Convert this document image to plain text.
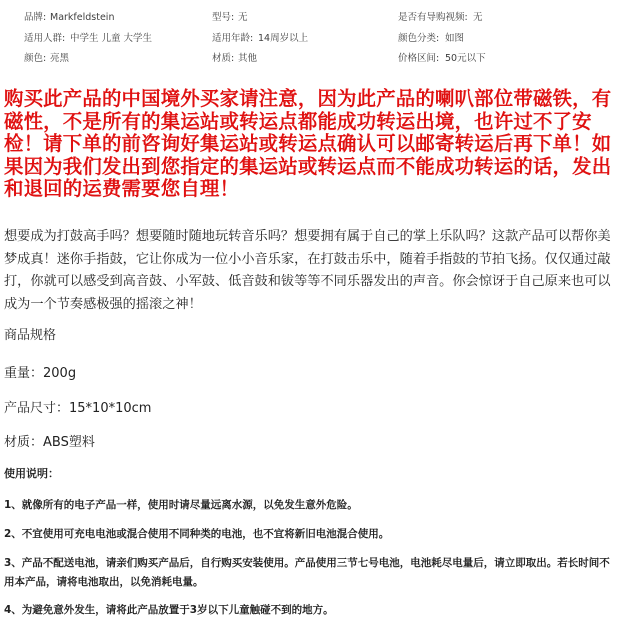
品牌: Markfeldstein	型号: 无	是否有导购视频: 无
适用人群: 中学生 儿童 大学生	适用年龄: 14周岁以上	颜色分类: 如图
颜色: 亮黑	材质: 其他	价格区间: 50元以下

购买此产品的中国境外买家请注意，因为此产品的喇叭部位带磁铁，有磁性，不是所有的集运站或转运点都能成功转运出境，也许过不了安检！请下单的前咨询好集运站或转运点确认可以邮寄转运后再下单！如果因为我们发出到您指定的集运站或转运点而不能成功转运的话，发出和退回的运费需要您自理！

想要成为打鼓高手吗？想要随时随地玩转音乐吗？想要拥有属于自己的掌上乐队吗？这款产品可以帮你美梦成真！迷你手指鼓，它让你成为一位小小音乐家，在打鼓击乐中，随着手指鼓的节拍飞扬。仅仅通过敲打，你就可以感受到高音鼓、小军鼓、低音鼓和钹等等不同乐器发出的声音。你会惊讶于自己原来也可以成为一个节奏感极强的摇滚之神！

商品规格
重量：200g
产品尺寸：15*10*10cm
材质：ABS塑料
使用说明：

1、就像所有的电子产品一样，使用时请尽量远离水源，以免发生意外危险。

2、不宜使用可充电电池或混合使用不同种类的电池，也不宜将新旧电池混合使用。

3、产品不配送电池，请亲们购买产品后，自行购买安装使用。产品使用三节七号电池，电池耗尽电量后，请立即取出。若长时间不用本产品，请将电池取出，以免消耗电量。

4、为避免意外发生，请将此产品放置于3岁以下儿童触碰不到的地方。
